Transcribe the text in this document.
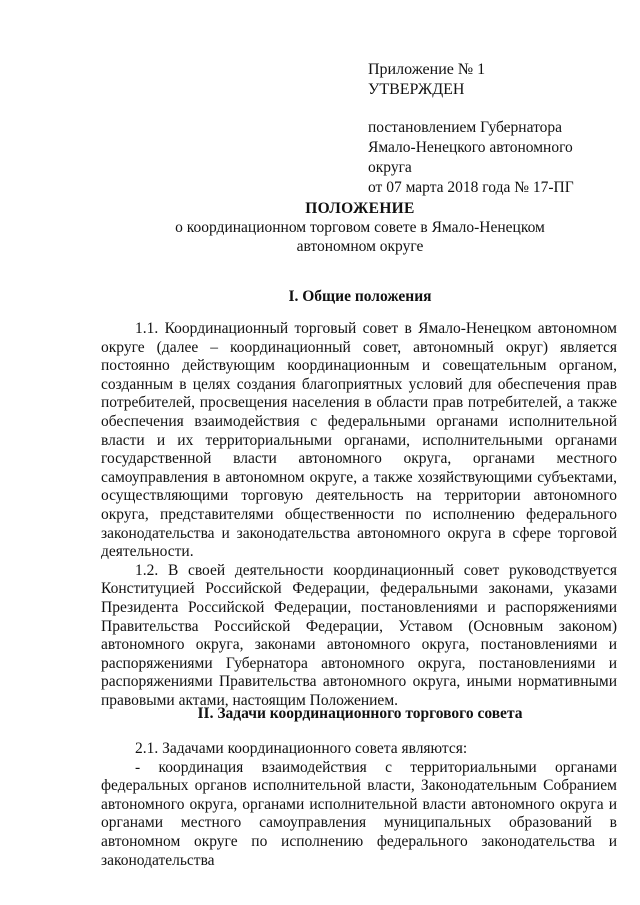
Приложение № 1
УТВЕРЖДЕН
постановлением Губернатора
Ямало-Ненецкого автономного округа
от 07 марта 2018 года № 17-ПГ
ПОЛОЖЕНИЕ
о координационном торговом совете в Ямало-Ненецком
автономном округе
I. Общие положения

1.1. Координационный торговый совет в Ямало-Ненецком автономном округе (далее – координационный совет, автономный округ) является постоянно действующим координационным и совещательным органом, созданным в целях создания благоприятных условий для обеспечения прав потребителей, просвещения населения в области прав потребителей, а также обеспечения взаимодействия с федеральными органами исполнительной власти и их территориальными органами, исполнительными органами государственной власти автономного округа, органами местного самоуправления в автономном округе, а также хозяйствующими субъектами, осуществляющими торговую деятельность на территории автономного округа, представителями общественности по исполнению федерального законодательства и законодательства автономного округа в сфере торговой деятельности.

1.2. В своей деятельности координационный совет руководствуется Конституцией Российской Федерации, федеральными законами, указами Президента Российской Федерации, постановлениями и распоряжениями Правительства Российской Федерации, Уставом (Основным законом) автономного округа, законами автономного округа, постановлениями и распоряжениями Губернатора автономного округа, постановлениями и распоряжениями Правительства автономного округа, иными нормативными правовыми актами, настоящим Положением.

II. Задачи координационного торгового совета

2.1. Задачами координационного совета являются:

- координация взаимодействия с территориальными органами федеральных органов исполнительной власти, Законодательным Собранием автономного округа, органами исполнительной власти автономного округа и органами местного самоуправления муниципальных образований в автономном округе по исполнению федерального законодательства и законодательства
